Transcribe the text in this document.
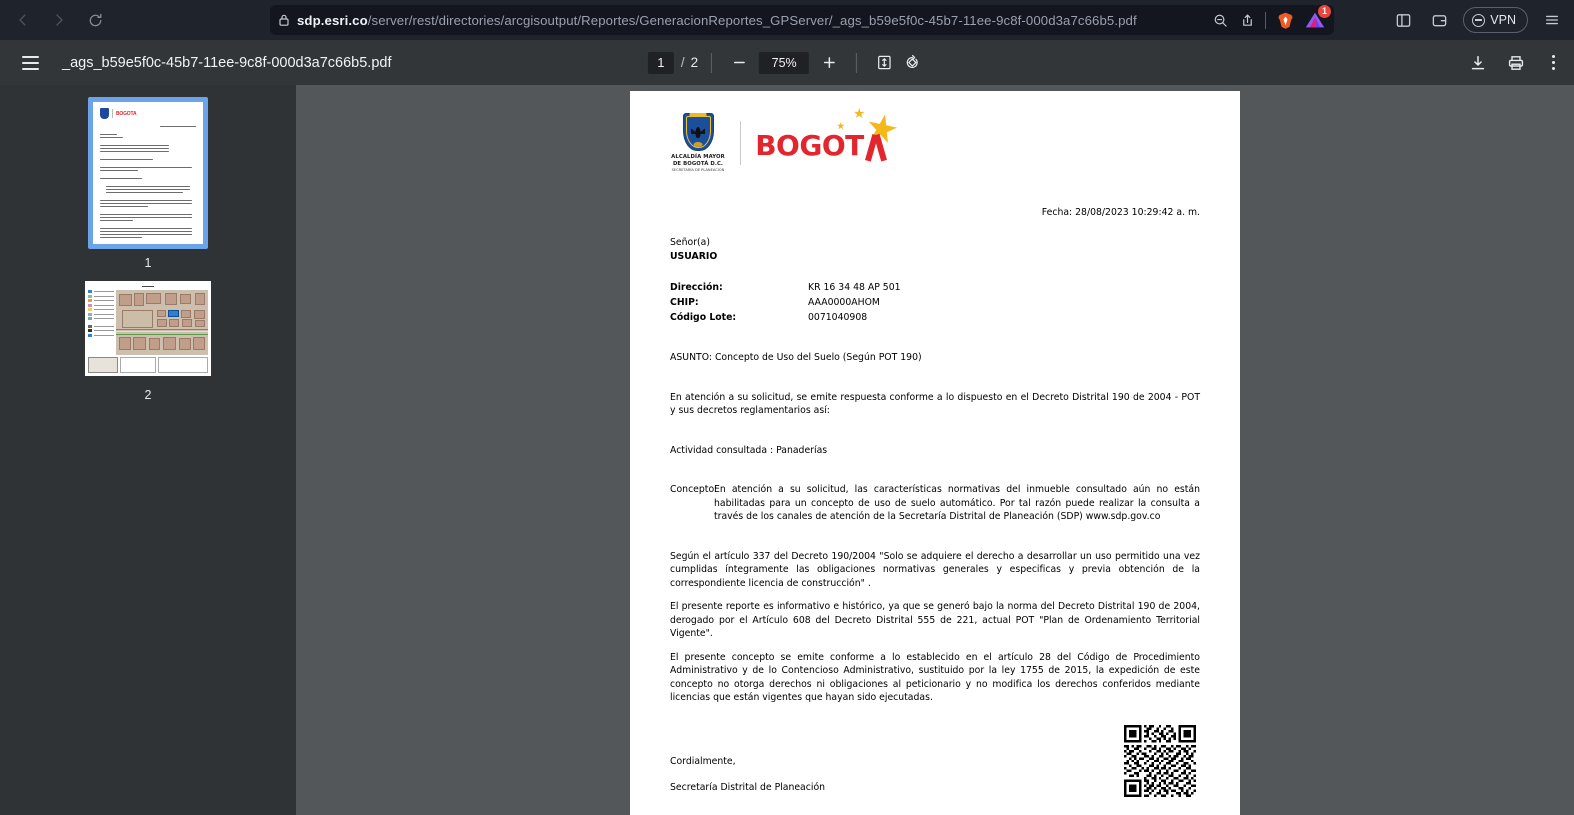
sdp.esri.co/server/rest/directories/arcgisoutput/Reportes/GeneracionReportes_GPServer/_ags_b59e5f0c-45b7-11ee-9c8f-000d3a7c66b5.pdf
1
VPN
_ags_b59e5f0c-45b7-11ee-9c8f-000d3a7c66b5.pdf
1	/ 2	75%
BOGOTA
1
▬▬▬▬
2
ALCALDÍA MAYOR DE BOGOTÁ D.C.
SECRETARÍA DE PLANEACIÓN
BOGOT
Fecha: 28/08/2023 10:29:42 a. m.
Señor(a)
USUARIO
Dirección:	KR 16 34 48 AP 501
CHIP:	AAA0000AHOM
Código Lote:	0071040908
ASUNTO: Concepto de Uso del Suelo (Según POT 190)
En atención a su solicitud, se emite respuesta conforme a lo dispuesto en el Decreto Distrital 190 de 2004 - POT y sus decretos reglamentarios así:
Actividad consultada : Panaderías
Concepto:
En atención a su solicitud, las características normativas del inmueble consultado aún no están habilitadas para un concepto de uso de suelo automático. Por tal razón puede realizar la consulta a través de los canales de atención de la Secretaría Distrital de Planeación (SDP) www.sdp.gov.co
Según el artículo 337 del Decreto 190/2004 "Solo se adquiere el derecho a desarrollar un uso permitido una vez cumplidas íntegramente las obligaciones normativas generales y especificas y previa obtención de la correspondiente licencia de construcción" .
El presente reporte es informativo e histórico, ya que se generó bajo la norma del Decreto Distrital 190 de 2004, derogado por el Artículo 608 del Decreto Distrital 555 de 221, actual POT "Plan de Ordenamiento Territorial Vigente".
El presente concepto se emite conforme a lo establecido en el artículo 28 del Código de Procedimiento Administrativo y de lo Contencioso Administrativo, sustituido por la ley 1755 de 2015, la expedición de este concepto no otorga derechos ni obligaciones al peticionario y no modifica los derechos conferidos mediante licencias que están vigentes que hayan sido ejecutadas.
Cordialmente,
Secretaría Distrital de Planeación
